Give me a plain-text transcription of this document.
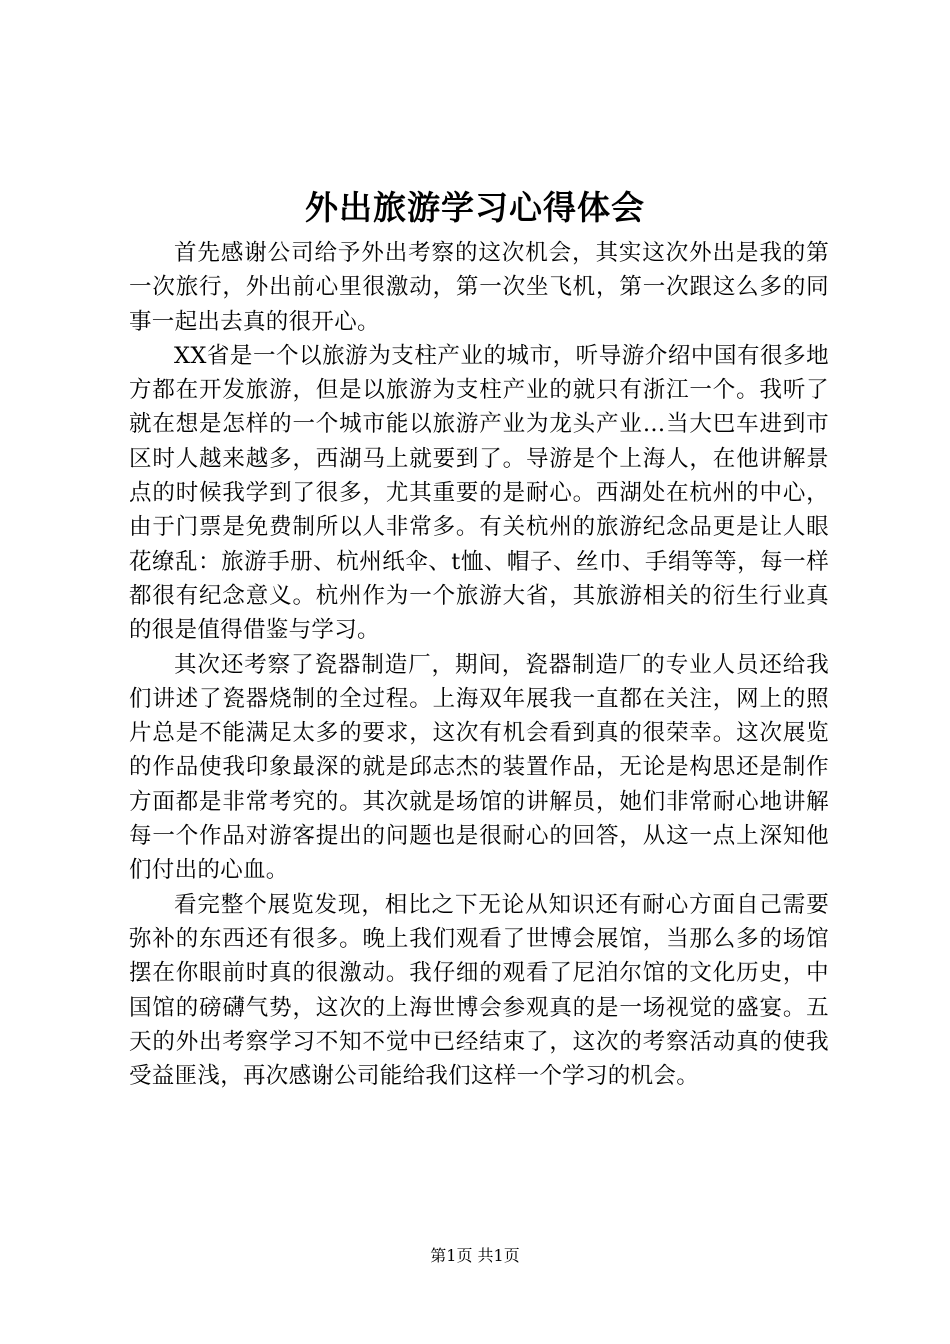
外出旅游学习心得体会

首先感谢公司给予外出考察的这次机会，其实这次外出是我的第一次旅行，外出前心里很激动，第一次坐飞机，第一次跟这么多的同事一起出去真的很开心。

XX省是一个以旅游为支柱产业的城市，听导游介绍中国有很多地方都在开发旅游，但是以旅游为支柱产业的就只有浙江一个。我听了就在想是怎样的一个城市能以旅游产业为龙头产业…当大巴车进到市区时人越来越多，西湖马上就要到了。导游是个上海人，在他讲解景点的时候我学到了很多，尤其重要的是耐心。西湖处在杭州的中心，由于门票是免费制所以人非常多。有关杭州的旅游纪念品更是让人眼花缭乱：旅游手册、杭州纸伞、t恤、帽子、丝巾、手绢等等，每一样都很有纪念意义。杭州作为一个旅游大省，其旅游相关的衍生行业真的很是值得借鉴与学习。

其次还考察了瓷器制造厂，期间，瓷器制造厂的专业人员还给我们讲述了瓷器烧制的全过程。上海双年展我一直都在关注，网上的照片总是不能满足太多的要求，这次有机会看到真的很荣幸。这次展览的作品使我印象最深的就是邱志杰的装置作品，无论是构思还是制作方面都是非常考究的。其次就是场馆的讲解员，她们非常耐心地讲解每一个作品对游客提出的问题也是很耐心的回答，从这一点上深知他们付出的心血。

看完整个展览发现，相比之下无论从知识还有耐心方面自己需要弥补的东西还有很多。晚上我们观看了世博会展馆，当那么多的场馆摆在你眼前时真的很激动。我仔细的观看了尼泊尔馆的文化历史，中国馆的磅礴气势，这次的上海世博会参观真的是一场视觉的盛宴。五天的外出考察学习不知不觉中已经结束了，这次的考察活动真的使我受益匪浅，再次感谢公司能给我们这样一个学习的机会。

第1页 共1页
